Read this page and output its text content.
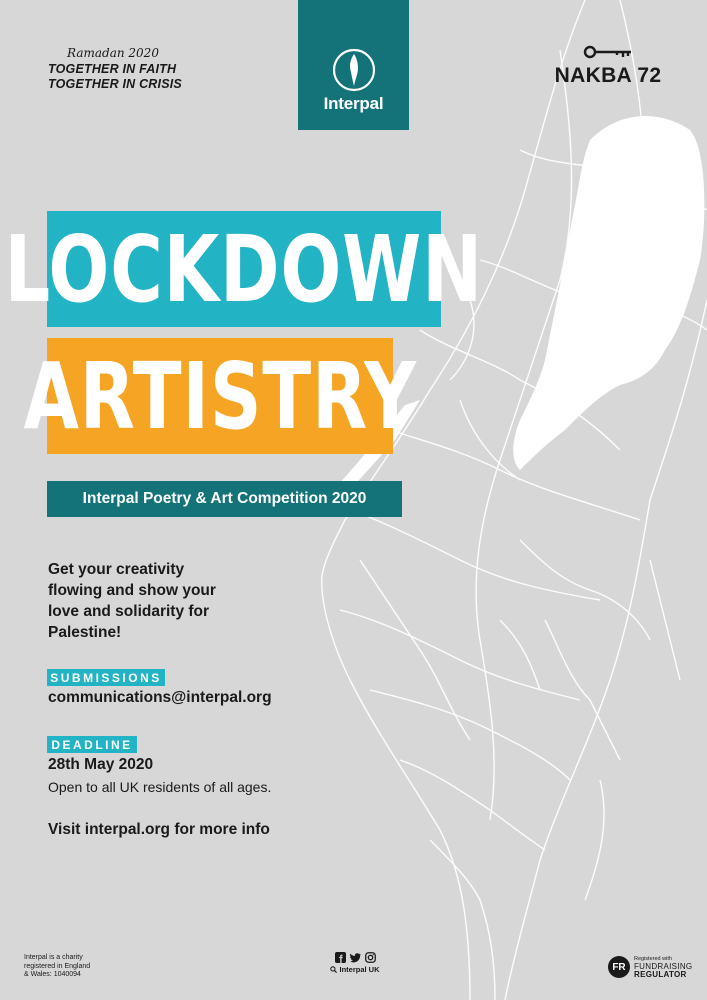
Ramadan 2020
TOGETHER IN FAITH
TOGETHER IN CRISIS
Interpal
NAKBA 72
LOCKDOWN
ARTISTRY
Interpal Poetry & Art Competition 2020
Get your creativity
flowing and show your
love and solidarity for
Palestine!
SUBMISSIONS
communications@interpal.org
DEADLINE
28th May 2020
Open to all UK residents of all ages.
Visit interpal.org for more info
Interpal is a charity
registered in England
& Wales: 1040094
Interpal UK	FR
Registered with
FUNDRAISING
REGULATOR
